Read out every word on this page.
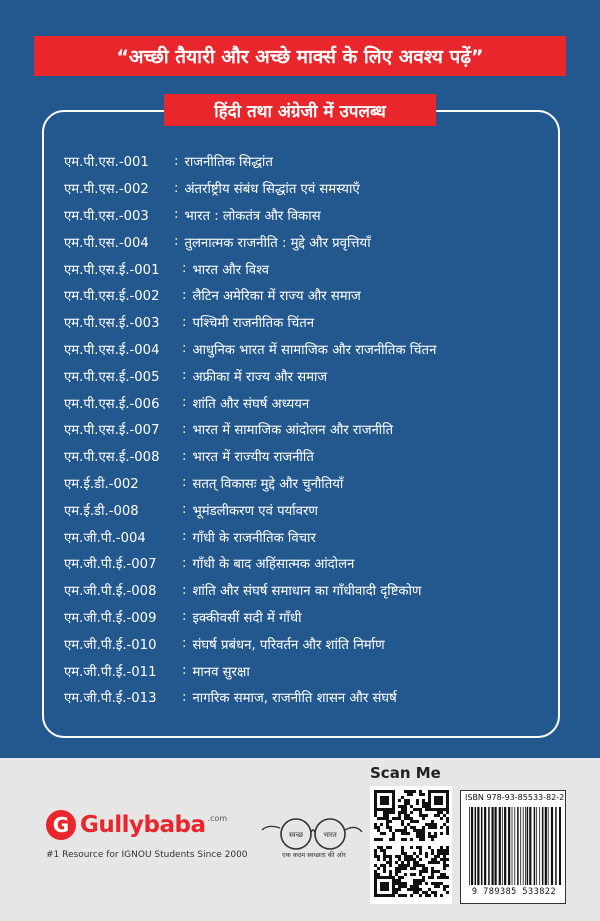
“अच्छी तैयारी और अच्छे मार्क्स के लिए अवश्य पढ़ें”
हिंदी तथा अंग्रेजी में उपलब्ध
एम.पी.एस.-001	: राजनीतिक सिद्धांत
एम.पी.एस.-002	: अंतर्राष्ट्रीय संबंध सिद्धांत एवं समस्याएँ
एम.पी.एस.-003	: भारत : लोकतंत्र और विकास
एम.पी.एस.-004	: तुलनात्मक राजनीति : मुद्दे और प्रवृत्तियाँ
एम.पी.एस.ई.-001	: भारत और विश्व
एम.पी.एस.ई.-002	: लैटिन अमेरिका में राज्य और समाज
एम.पी.एस.ई.-003	: पश्चिमी राजनीतिक चिंतन
एम.पी.एस.ई.-004	: आधुनिक भारत में सामाजिक और राजनीतिक चिंतन
एम.पी.एस.ई.-005	: अफ्रीका में राज्य और समाज
एम.पी.एस.ई.-006	: शांति और संघर्ष अध्ययन
एम.पी.एस.ई.-007	: भारत में सामाजिक आंदोलन और राजनीति
एम.पी.एस.ई.-008	: भारत में राज्यीय राजनीति
एम.ई.डी.-002	: सतत् विकासः मुद्दे और चुनौतियाँ
एम.ई.डी.-008	: भूमंडलीकरण एवं पर्यावरण
एम.जी.पी.-004	: गाँधी के राजनीतिक विचार
एम.जी.पी.ई.-007	: गाँधी के बाद अहिंसात्मक आंदोलन
एम.जी.पी.ई.-008	: शांति और संघर्ष समाधान का गाँधीवादी दृष्टिकोण
एम.जी.पी.ई.-009	: इक्कीवसीं सदी में गाँधी
एम.जी.पी.ई.-010	: संघर्ष प्रबंधन, परिवर्तन और शांति निर्माण
एम.जी.पी.ई.-011	: मानव सुरक्षा
एम.जी.पी.ई.-013	: नागरिक समाज, राजनीति शासन और संघर्ष
G Gullybaba .com
#1 Resource for IGNOU Students Since 2000
स्वच्छ	भारत
एक कदम स्वच्छता की ओर
Scan Me
ISBN 978-93-85533-82-2
9 789385 533822
